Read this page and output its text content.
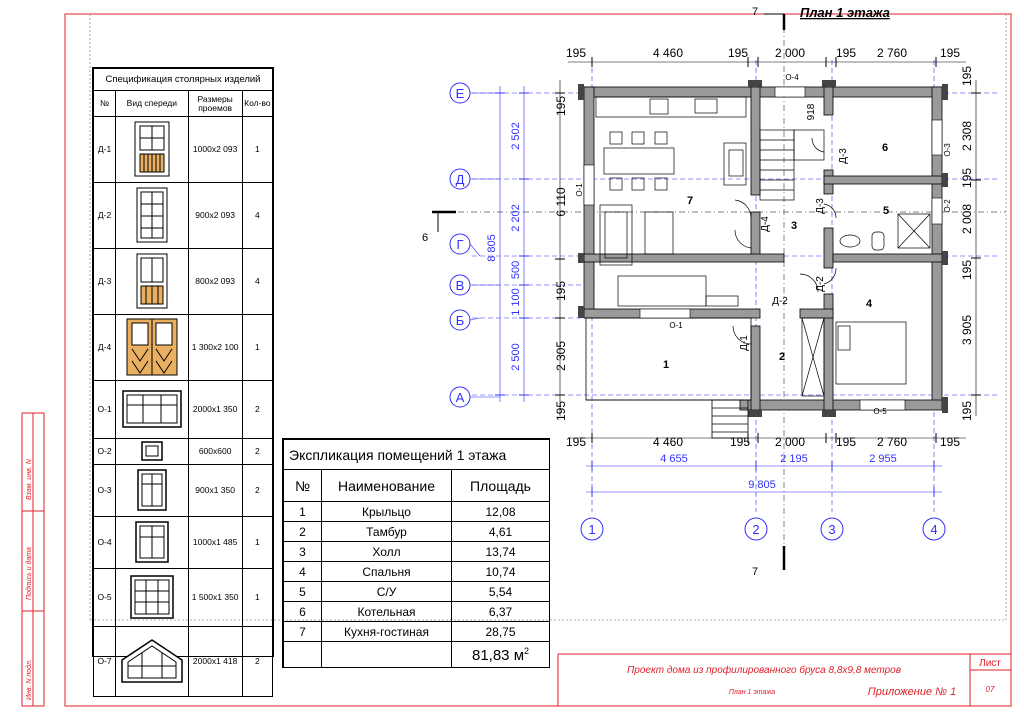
План 1 этажа
7
7
6
195	4 460	195 2 000	195 2 760	195
195	4 460	195 2 000	195 2 760	195
4 655	2 195	2 955
9 805
195
6 110
195
2 305
195
195
2 308
195
2 008
195
3 905
195
2 502
2 202
500
1 100
2 500
8 805
Е
Д
Г
В
Б
А
1	2	3	4
1
2
3
4
5
6
7
О-4
О-1
О-5
О-1
О-3
О-2
918
Д-3
Д-3
Д-4
Д-1
Д-2
Д-2
Взам. инв. N
Подпись и дата
Инв. N подл.	Проект дома из профилированного бруса 8,8х9,8 метров
План 1 этажа	Приложение № 1
Лист
07
Спецификация столярных изделий			
№	Вид спереди	Размеры проемов	Кол-во
Д-1		1000х2 093	1
Д-2		900х2 093	4
Д-3		800х2 093	4
Д-4		1 300х2 100	1
О-1		2000х1 350	2
О-2		600х600	2
О-3		900х1 350	2
О-4		1000х1 485	1
О-5		1 500х1 350	1
О-7		2000х1 418	2
Экспликация помещений 1 этажа		
№	Наименование	Площадь
1	Крыльцо	12,08
2	Тамбур	4,61
3	Холл	13,74
4	Спальня	10,74
5	С/У	5,54
6	Котельная	6,37
7	Кухня-гостиная	28,75
		81,83 $м^2$
